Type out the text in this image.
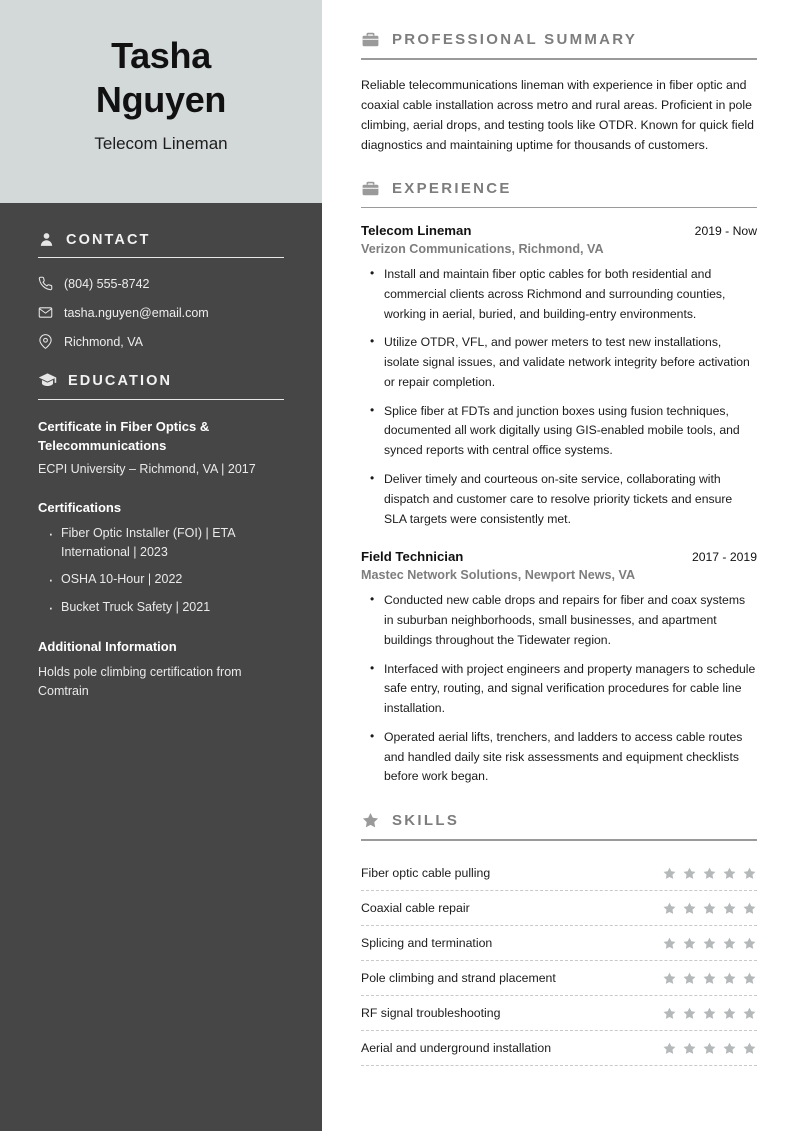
Tasha
Nguyen
Telecom Lineman
CONTACT
(804) 555-8742
tasha.nguyen@email.com
Richmond, VA
EDUCATION
Certificate in Fiber Optics & Telecommunications
ECPI University – Richmond, VA | 2017
Certifications
· Fiber Optic Installer (FOI) | ETA International | 2023
· OSHA 10-Hour | 2022
· Bucket Truck Safety | 2021
Additional Information
Holds pole climbing certification from Comtrain
PROFESSIONAL SUMMARY

Reliable telecommunications lineman with experience in fiber optic and coaxial cable installation across metro and rural areas. Proficient in pole climbing, aerial drops, and testing tools like OTDR. Known for quick field diagnostics and maintaining uptime for thousands of customers.

EXPERIENCE
Telecom Lineman	2019 - Now
Verizon Communications, Richmond, VA
• Install and maintain fiber optic cables for both residential and commercial clients across Richmond and surrounding counties, working in aerial, buried, and building-entry environments.
• Utilize OTDR, VFL, and power meters to test new installations, isolate signal issues, and validate network integrity before activation or repair completion.
• Splice fiber at FDTs and junction boxes using fusion techniques, documented all work digitally using GIS-enabled mobile tools, and synced reports with central office systems.
• Deliver timely and courteous on-site service, collaborating with dispatch and customer care to resolve priority tickets and ensure SLA targets were consistently met.
Field Technician	2017 - 2019
Mastec Network Solutions, Newport News, VA
• Conducted new cable drops and repairs for fiber and coax systems in suburban neighborhoods, small businesses, and apartment buildings throughout the Tidewater region.
• Interfaced with project engineers and property managers to schedule safe entry, routing, and signal verification procedures for cable line installation.
• Operated aerial lifts, trenchers, and ladders to access cable routes and handled daily site risk assessments and equipment checklists before work began.
SKILLS
Fiber optic cable pulling
Coaxial cable repair
Splicing and termination
Pole climbing and strand placement
RF signal troubleshooting
Aerial and underground installation
